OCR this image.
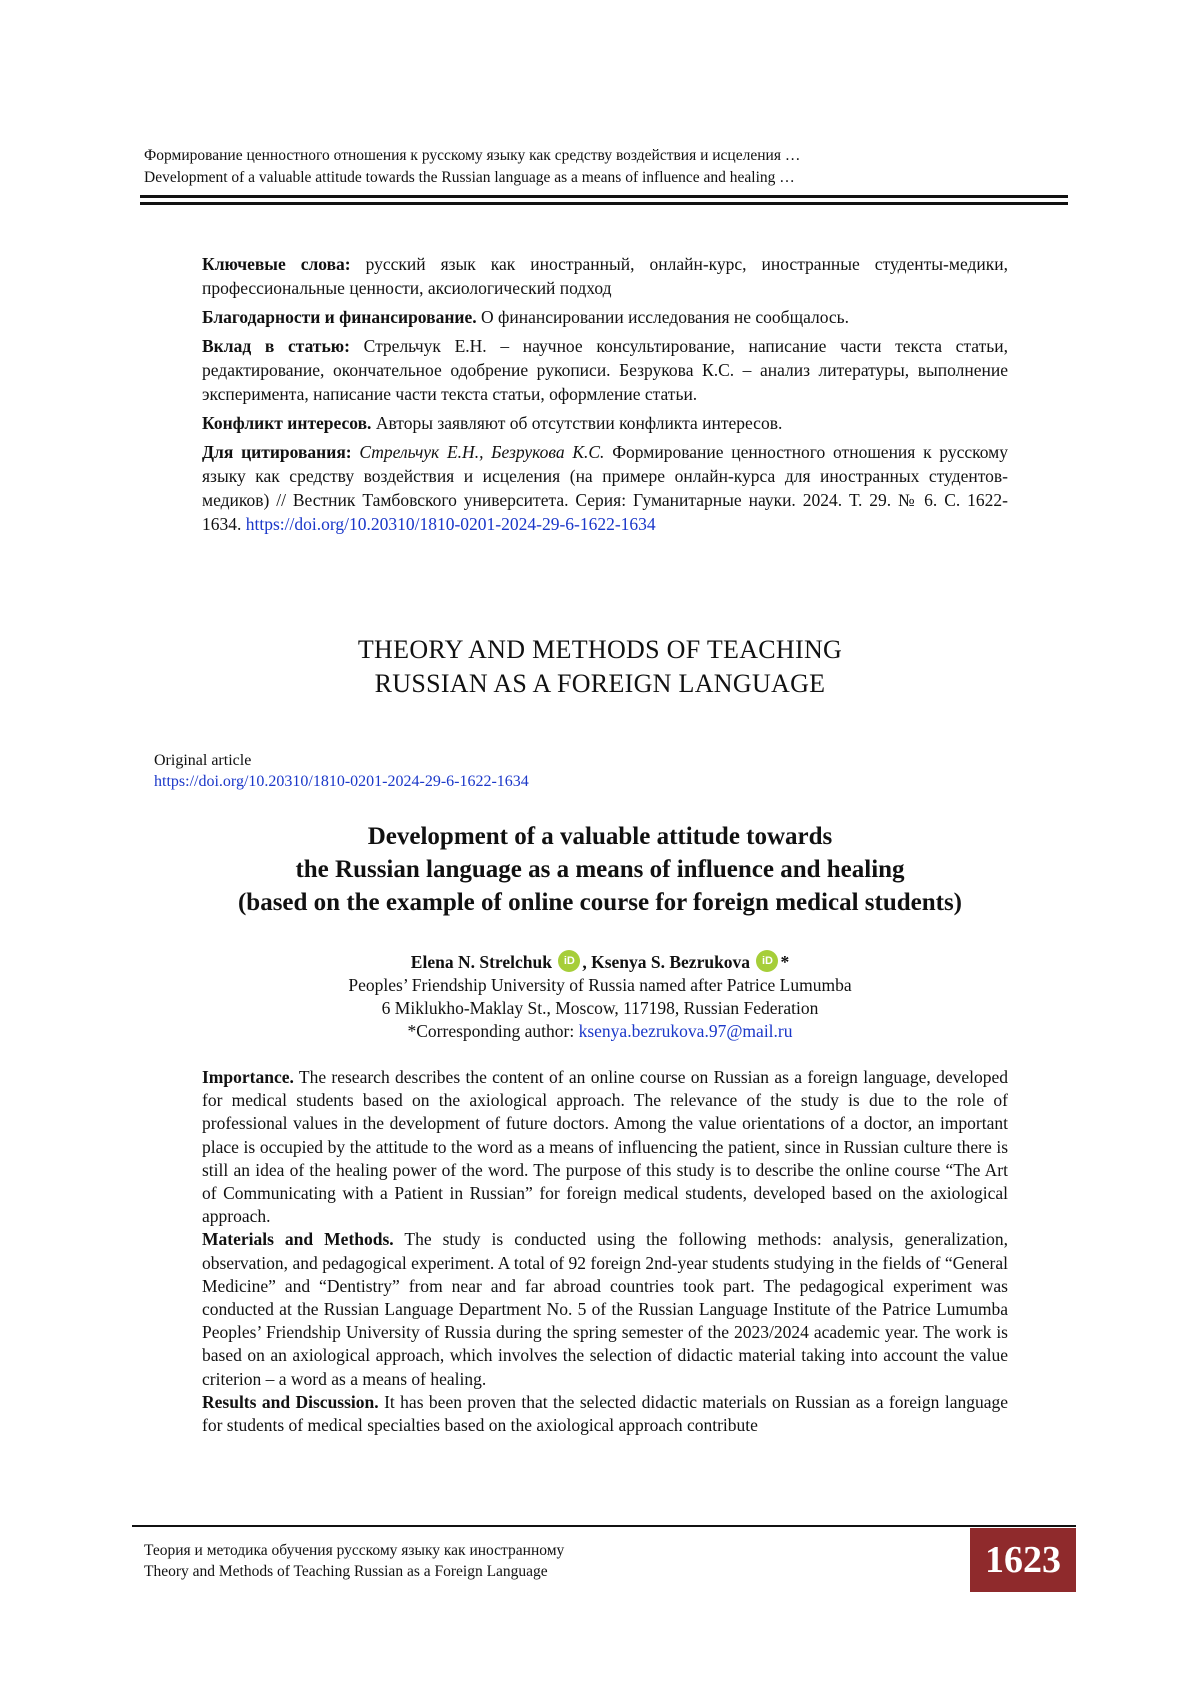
Формирование ценностного отношения к русскому языку как средству воздействия и исцеления …
Development of a valuable attitude towards the Russian language as a means of influence and healing …

Ключевые слова: русский язык как иностранный, онлайн-курс, иностранные студенты-медики, профессиональные ценности, аксиологический подход

Благодарности и финансирование. О финансировании исследования не сообщалось.

Вклад в статью: Стрельчук Е.Н. – научное консультирование, написание части текста статьи, редактирование, окончательное одобрение рукописи. Безрукова К.С. – анализ литературы, выполнение эксперимента, написание части текста статьи, оформление статьи.

Конфликт интересов. Авторы заявляют об отсутствии конфликта интересов.

Для цитирования: Стрельчук Е.Н., Безрукова К.С. Формирование ценностного отношения к русскому языку как средству воздействия и исцеления (на примере онлайн-курса для иностранных студентов-медиков) // Вестник Тамбовского университета. Серия: Гуманитарные науки. 2024. Т. 29. № 6. С. 1622-1634. https://doi.org/10.20310/1810-0201-2024-29-6-1622-1634

THEORY AND METHODS OF TEACHING
RUSSIAN AS A FOREIGN LANGUAGE
Original article
https://doi.org/10.20310/1810-0201-2024-29-6-1622-1634
Development of a valuable attitude towards
the Russian language as a means of influence and healing
(based on the example of online course for foreign medical students)
Elena N. Strelchuk iD , Ksenya S. Bezrukova iD *
Peoples’ Friendship University of Russia named after Patrice Lumumba
6 Miklukho-Maklay St., Moscow, 117198, Russian Federation
*Corresponding author: ksenya.bezrukova.97@mail.ru

Importance. The research describes the content of an online course on Russian as a foreign language, developed for medical students based on the axiological approach. The relevance of the study is due to the role of professional values in the development of future doctors. Among the value orientations of a doctor, an important place is occupied by the attitude to the word as a means of influencing the patient, since in Russian culture there is still an idea of the healing power of the word. The purpose of this study is to describe the online course “The Art of Communicating with a Patient in Russian” for foreign medical students, developed based on the axiological approach.

Materials and Methods. The study is conducted using the following methods: analysis, generalization, observation, and pedagogical experiment. A total of 92 foreign 2nd-year students studying in the fields of “General Medicine” and “Dentistry” from near and far abroad countries took part. The pedagogical experiment was conducted at the Russian Language Department No. 5 of the Russian Language Institute of the Patrice Lumumba Peoples’ Friendship University of Russia during the spring semester of the 2023/2024 academic year. The work is based on an axiological approach, which involves the selection of didactic material taking into account the value criterion – a word as a means of healing.

Results and Discussion. It has been proven that the selected didactic materials on Russian as a foreign language for students of medical specialties based on the axiological approach contribute

Теория и методика обучения русскому языку как иностранному
Theory and Methods of Teaching Russian as a Foreign Language	1623
